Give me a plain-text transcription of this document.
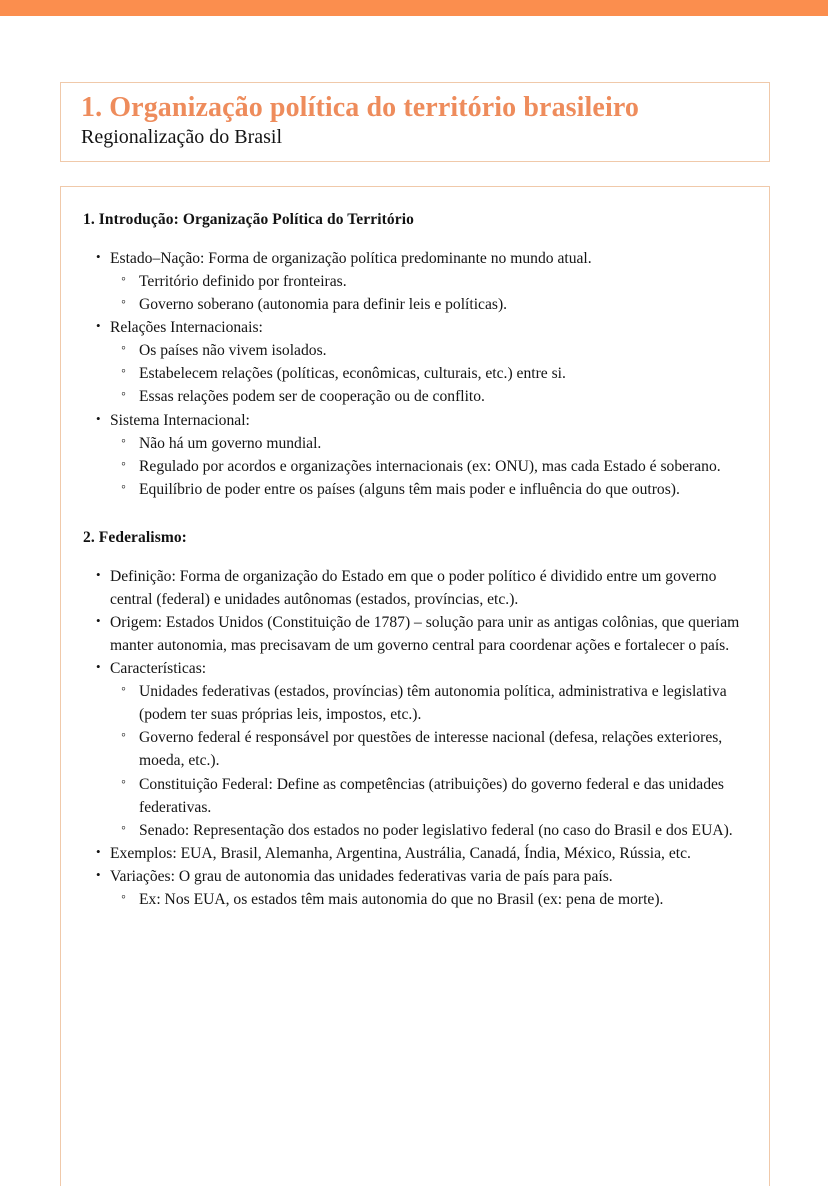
1. Organização política do território brasileiro
Regionalização do Brasil
1. Introdução: Organização Política do Território
• Estado–Nação: Forma de organização política predominante no mundo atual.
◦ Território definido por fronteiras.
◦ Governo soberano (autonomia para definir leis e políticas).
• Relações Internacionais:
◦ Os países não vivem isolados.
◦ Estabelecem relações (políticas, econômicas, culturais, etc.) entre si.
◦ Essas relações podem ser de cooperação ou de conflito.
• Sistema Internacional:
◦ Não há um governo mundial.
◦ Regulado por acordos e organizações internacionais (ex: ONU), mas cada Estado é soberano.
◦ Equilíbrio de poder entre os países (alguns têm mais poder e influência do que outros).
2. Federalismo:
• Definição: Forma de organização do Estado em que o poder político é dividido entre um governo central (federal) e unidades autônomas (estados, províncias, etc.).
• Origem: Estados Unidos (Constituição de 1787) – solução para unir as antigas colônias, que queriam manter autonomia, mas precisavam de um governo central para coordenar ações e fortalecer o país.
• Características:
◦ Unidades federativas (estados, províncias) têm autonomia política, administrativa e legislativa (podem ter suas próprias leis, impostos, etc.).
◦ Governo federal é responsável por questões de interesse nacional (defesa, relações exteriores, moeda, etc.).
◦ Constituição Federal: Define as competências (atribuições) do governo federal e das unidades federativas.
◦ Senado: Representação dos estados no poder legislativo federal (no caso do Brasil e dos EUA).
• Exemplos: EUA, Brasil, Alemanha, Argentina, Austrália, Canadá, Índia, México, Rússia, etc.
• Variações: O grau de autonomia das unidades federativas varia de país para país.
◦ Ex: Nos EUA, os estados têm mais autonomia do que no Brasil (ex: pena de morte).
